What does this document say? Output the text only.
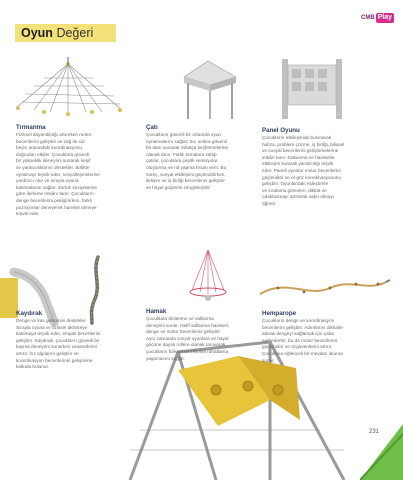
Oyun Değeri
CMB Play
Tırmanma

Fiziksel dayanıklılığı artırırken motor

becerilerini geliştirir ve sağ ile sol

beyin arasındaki koordinasyonu

doğrudan etkiler. Çocuklara güvenli

bir yükseklik deneyimi sunarak keşif

ve yaratıcılıklarını destekler. Birlikte

oynamayı teşvik eder, sosyalleşmelerine

yardımcı olur ve sırayla oyuna

katılmalarını sağlar. Zorluk seviyelerine

göre ilerleme imkânı tanır. Çocukların

denge becerilerini pekiştirirken, farklı

pozisyonlar deneyerek hareket etmeye

teşvik eder.

Çatı

Çocukların güvenli bir ortamda oyun

oynamalarını sağlar; bu, onlara güvenli

bir alan sunarak rahatça keşfetmelerine

olanak tanır. Farklı temalara sahip

çatılar, çocuklara çeşitli senaryolar

oluşturma ve rol yapma fırsatı verir. Bu

süreç, sosyal etkileşimi güçlendirirken,

iletişim ve iş birliği becerilerini geliştirir

ve hayal güçlerini zenginleştirir.

Panel Oyunu

Çocukların etkileşimde bulunarak

hafıza, problem çözme, iş birliği, bilişsel

ve sosyal becerilerini geliştirmelerine

imkân tanır. Dokunma ve hareketle

etkileşim kurarak yaratıcılığı teşvik

eder. Paneli oyunlar motor becerilerini

güçlendirir ve el-göz koordinasyonunu

geliştirir. Oyunlardaki eşleştirme

ve sıralama görevleri, dikkat ve

odaklanmayı artırarak sabrı olmayı

öğretir.

Kaydırak

Denge ve kas gelişimini destekler.

Sırayla oyuna ve fiziksel aktiviteye

katılmaya teşvik eder, empati becerilerini

geliştirir. Kaydırak, çocukların güvenli bir

kayma deneyimi sunarken cesaretlerini

artırır, hız algılarını geliştirir ve

koordinasyon becerilerinin gelişimine

katkıda bulunur.

Hamak

Çocuklara dinlenme ve sallanma

deneyimi sunar. Hafif sallanma hareketi,

denge ve motor becerilerini geliştirir.

Aynı zamanda sosyal oyunlara ve hayal

gücüne dayalı rollere olanak tanıyarak,

çocukların fiziksel ve zihinsel rahatlama

yaşamasını sağlar.

Hemparope

Çocukların denge ve koordinasyon

becerilerini geliştirir. Adımlarını dikkatle

atarak dengeyi sağlamak için çaba

sarf ederler, bu da motor becerilerini

güçlendirir ve özgüvenlerini artırır.

Çocuklara eğlenceli bir meydan okuma

sunar.

231
